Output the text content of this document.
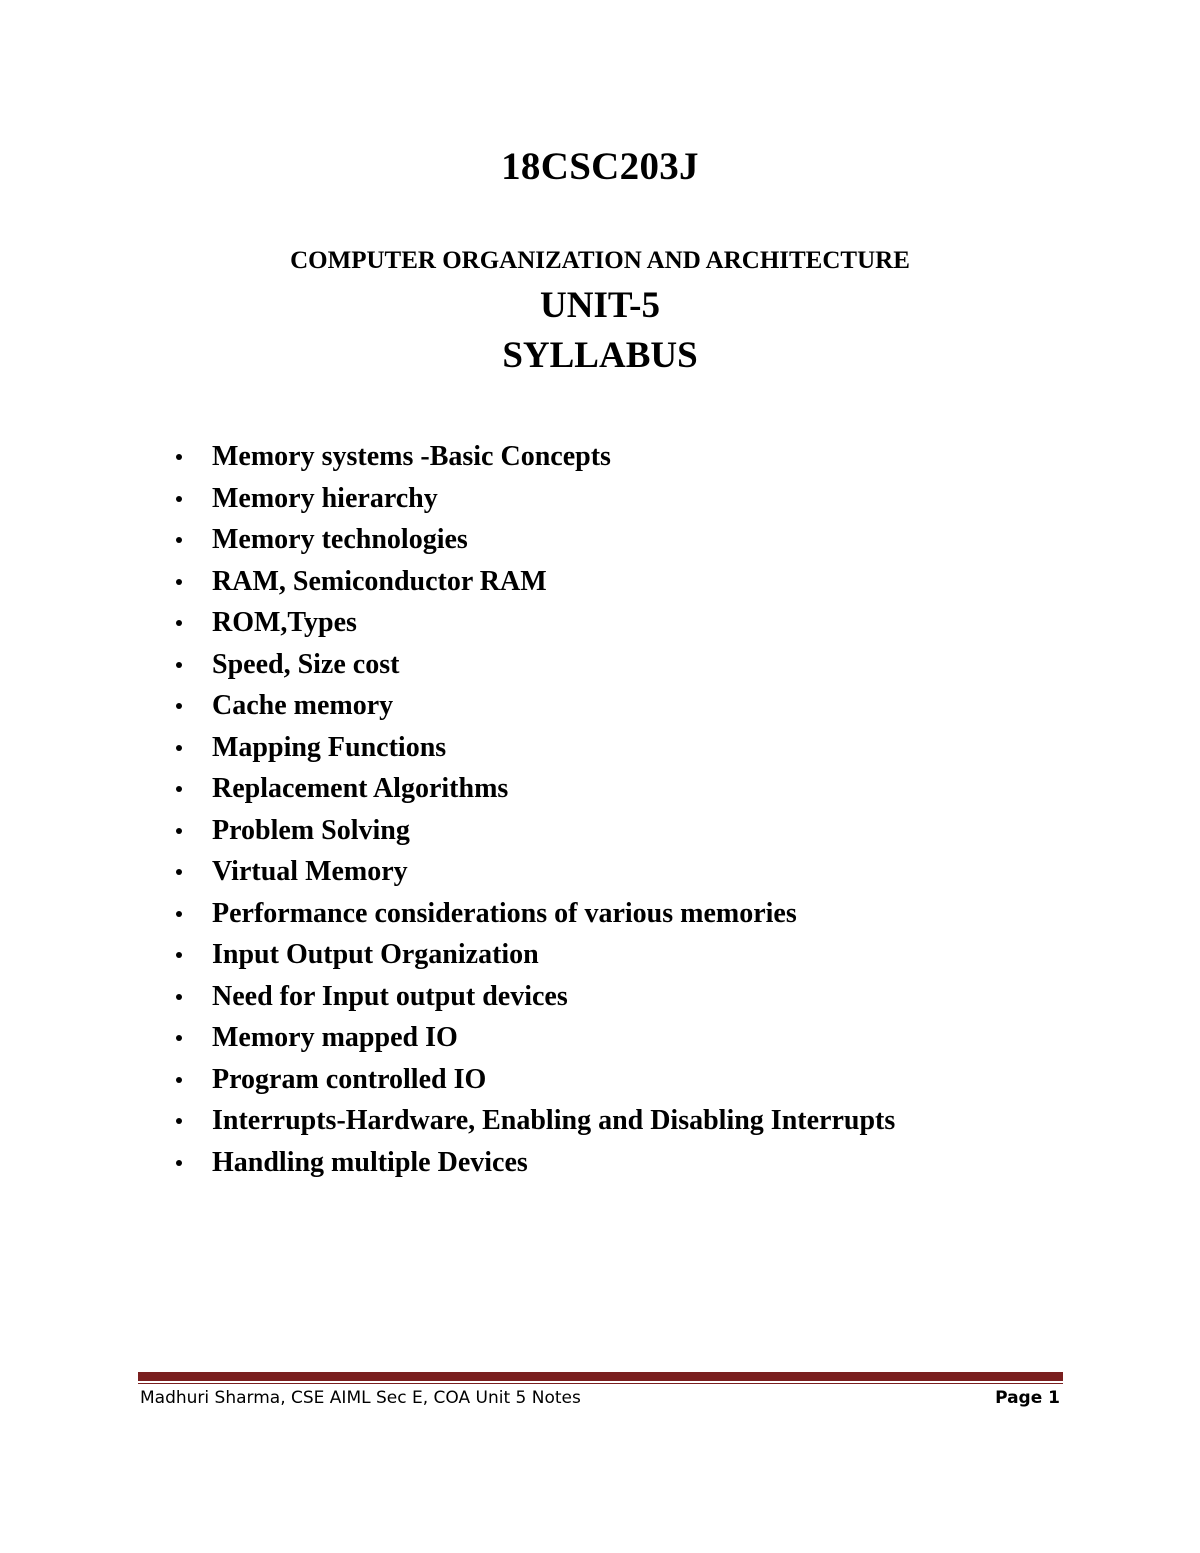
18CSC203J
COMPUTER ORGANIZATION AND ARCHITECTURE
UNIT-5
SYLLABUS
Memory systems -Basic Concepts
Memory hierarchy
Memory technologies
RAM, Semiconductor RAM
ROM,Types
Speed, Size cost
Cache memory
Mapping Functions
Replacement Algorithms
Problem Solving
Virtual Memory
Performance considerations of various memories
Input Output Organization
Need for Input output devices
Memory mapped IO
Program controlled IO
Interrupts-Hardware, Enabling and Disabling Interrupts
Handling multiple Devices
Madhuri Sharma, CSE AIML Sec E, COA Unit 5 Notes	Page 1
